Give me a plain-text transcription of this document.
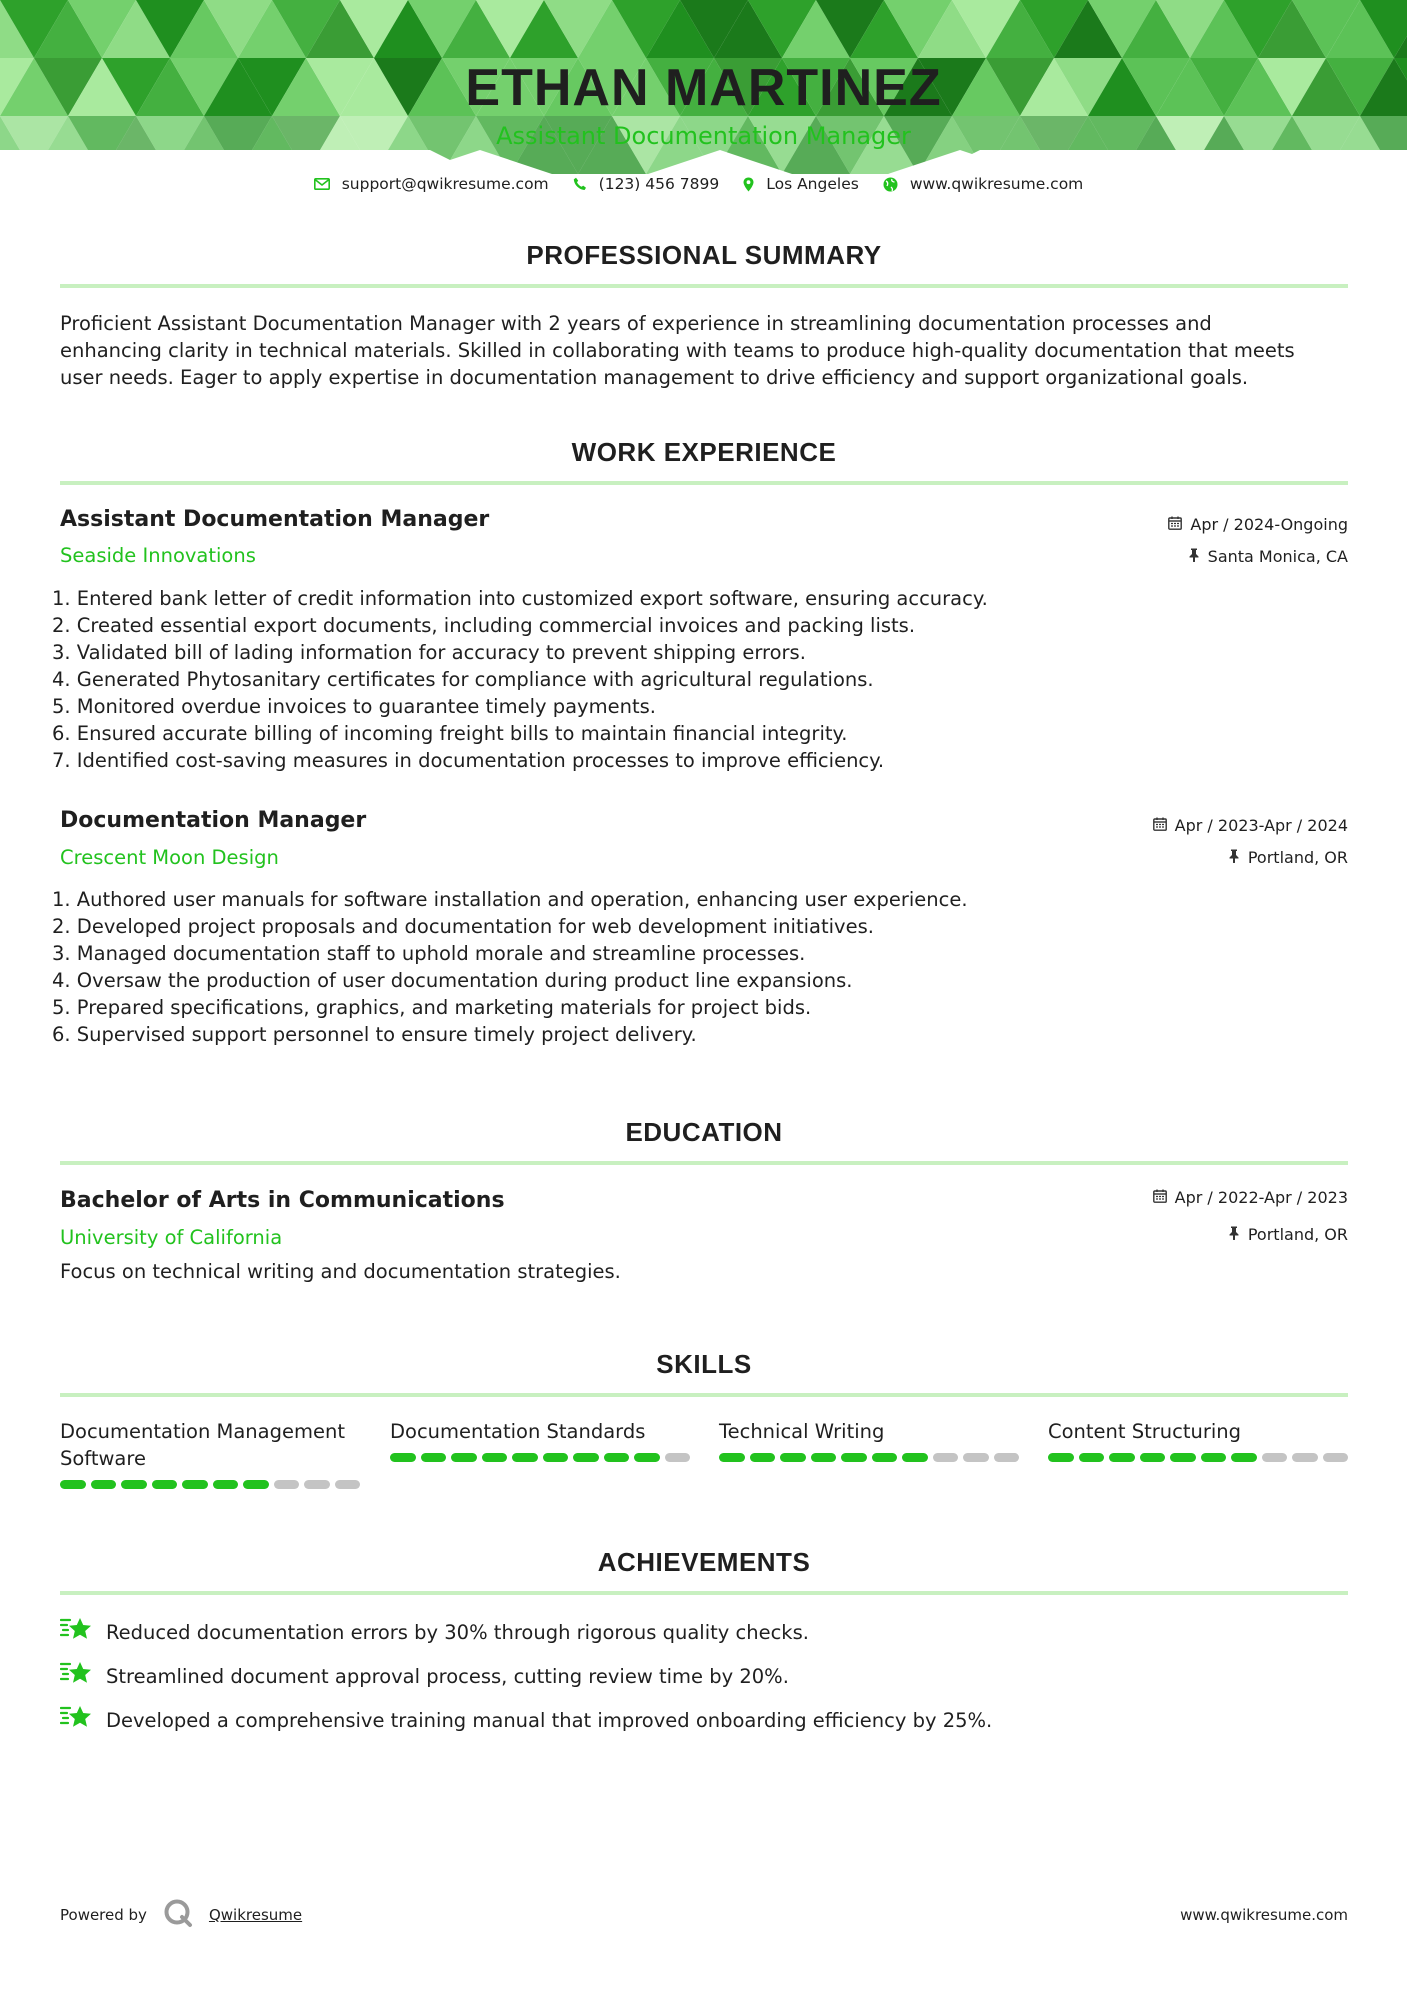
ETHAN MARTINEZ
Assistant Documentation Manager
support@qwikresume.com	(123) 456 7899	Los Angeles	www.qwikresume.com
PROFESSIONAL SUMMARY
Proficient Assistant Documentation Manager with 2 years of experience in streamlining documentation processes and
enhancing clarity in technical materials. Skilled in collaborating with teams to produce high-quality documentation that meets
user needs. Eager to apply expertise in documentation management to drive efficiency and support organizational goals.
WORK EXPERIENCE
Assistant Documentation Manager
Seaside Innovations
Apr / 2024-Ongoing
Santa Monica, CA
1. Entered bank letter of credit information into customized export software, ensuring accuracy.
2. Created essential export documents, including commercial invoices and packing lists.
3. Validated bill of lading information for accuracy to prevent shipping errors.
4. Generated Phytosanitary certificates for compliance with agricultural regulations.
5. Monitored overdue invoices to guarantee timely payments.
6. Ensured accurate billing of incoming freight bills to maintain financial integrity.
7. Identified cost-saving measures in documentation processes to improve efficiency.
Documentation Manager
Crescent Moon Design
Apr / 2023-Apr / 2024
Portland, OR
1. Authored user manuals for software installation and operation, enhancing user experience.
2. Developed project proposals and documentation for web development initiatives.
3. Managed documentation staff to uphold morale and streamline processes.
4. Oversaw the production of user documentation during product line expansions.
5. Prepared specifications, graphics, and marketing materials for project bids.
6. Supervised support personnel to ensure timely project delivery.
EDUCATION
Bachelor of Arts in Communications
University of California
Apr / 2022-Apr / 2023
Portland, OR
Focus on technical writing and documentation strategies.
SKILLS
Documentation Management
Software
Documentation Standards	Technical Writing	Content Structuring
ACHIEVEMENTS
Reduced documentation errors by 30% through rigorous quality checks.
Streamlined document approval process, cutting review time by 20%.
Developed a comprehensive training manual that improved onboarding efficiency by 25%.
Powered by	Qwikresume	www.qwikresume.com
